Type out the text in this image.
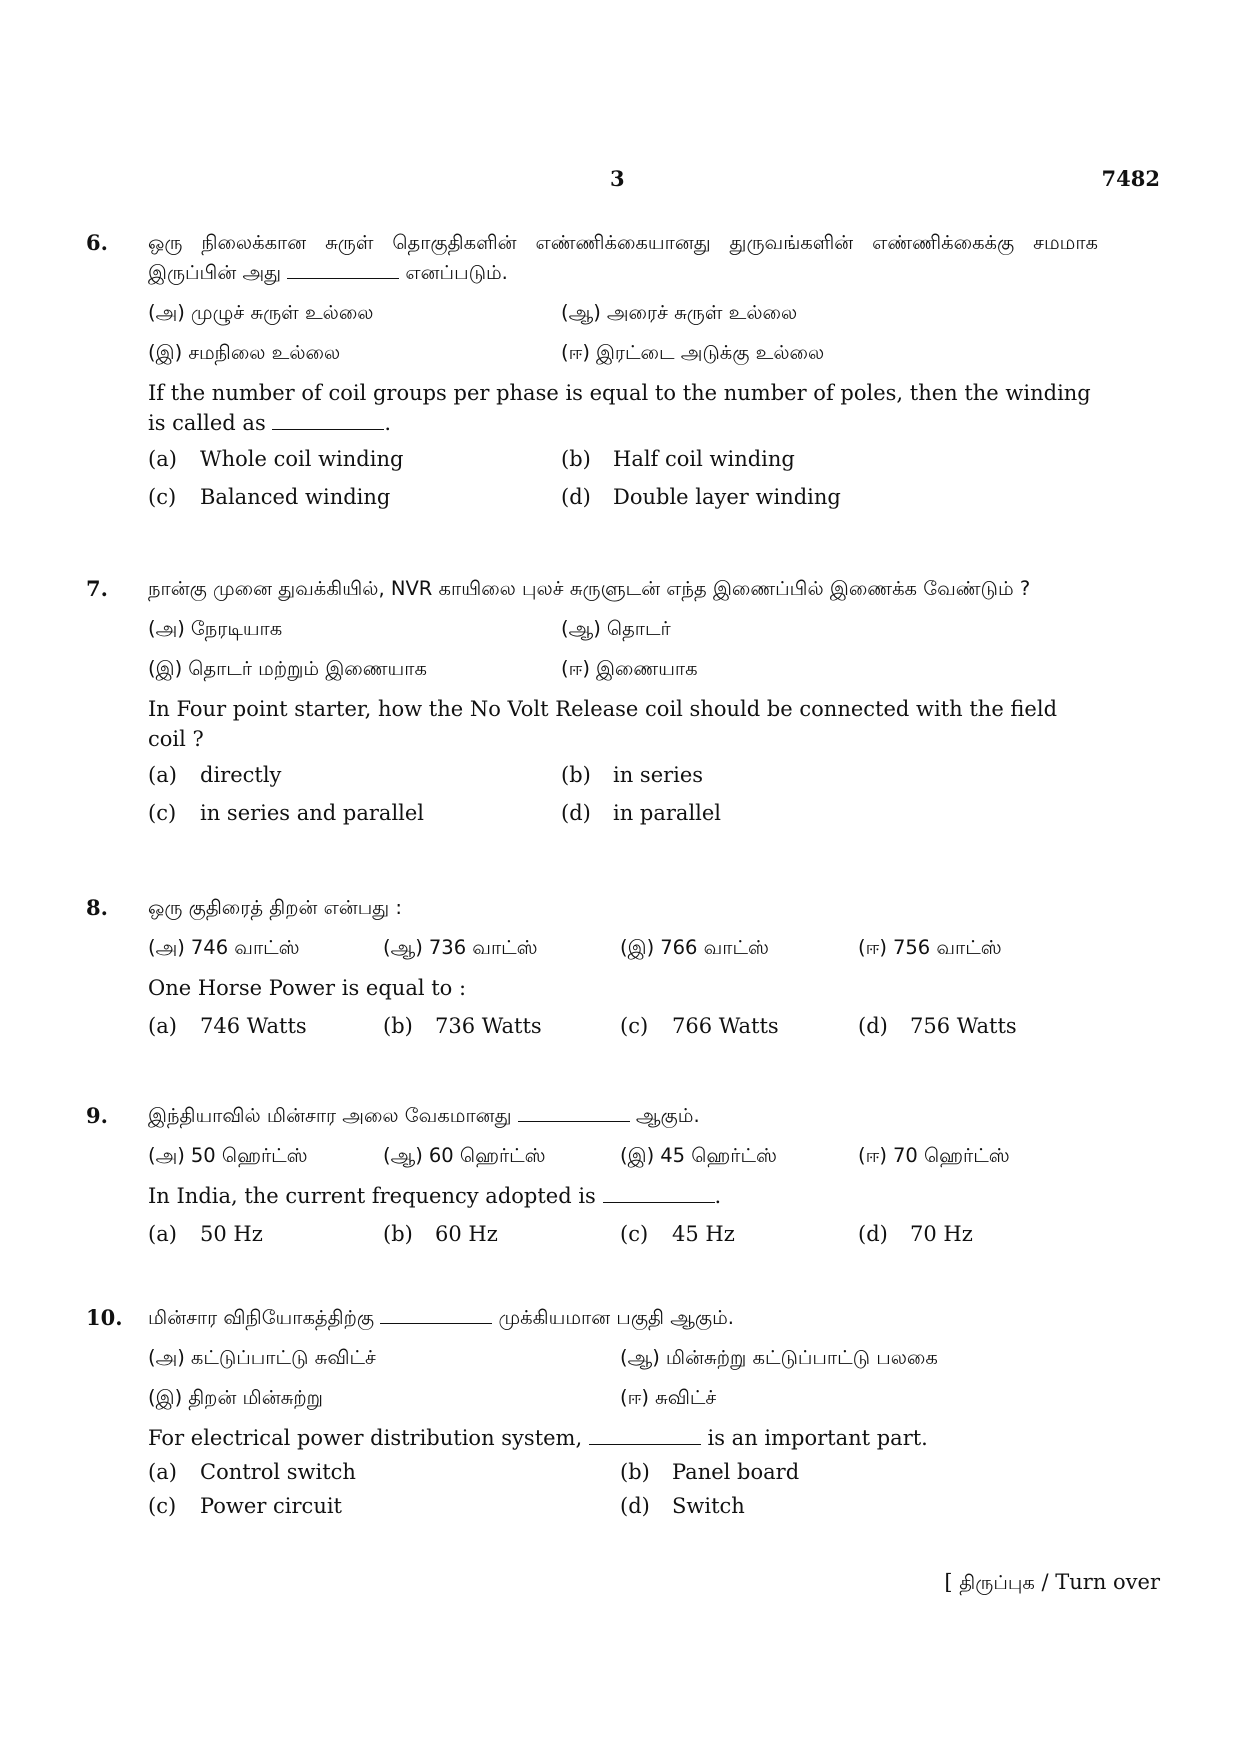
3	7482
6.	ஒரு நிலைக்கான சுருள் தொகுதிகளின் எண்ணிக்கையானது துருவங்களின் எண்ணிக்கைக்கு சமமாக இருப்பின் அது	எனப்படும்.

(அ) முழுச் சுருள் உல்லை	(ஆ) அரைச் சுருள் உல்லை
(இ) சமநிலை உல்லை	(ஈ) இரட்டை அடுக்கு உல்லை

If the number of coil groups per phase is equal to the number of poles, then the winding is called as	.

(a) Whole coil winding	(b) Half coil winding
(c) Balanced winding	(d) Double layer winding
7.	நான்கு முனை துவக்கியில், NVR காயிலை புலச் சுருளுடன் எந்த இணைப்பில் இணைக்க வேண்டும் ?

(அ) நேரடியாக	(ஆ) தொடர்
(இ) தொடர் மற்றும் இணையாக	(ஈ) இணையாக

In Four point starter, how the No Volt Release coil should be connected with the field coil ?

(a) directly	(b) in series
(c) in series and parallel	(d) in parallel
8.	ஒரு குதிரைத் திறன் என்பது :

(அ) 746 வாட்ஸ்	(ஆ) 736 வாட்ஸ்	(இ) 766 வாட்ஸ்	(ஈ) 756 வாட்ஸ்

One Horse Power is equal to :

(a) 746 Watts	(b) 736 Watts	(c) 766 Watts	(d) 756 Watts
9.	இந்தியாவில் மின்சார அலை வேகமானது	ஆகும்.

(அ) 50 ஹெர்ட்ஸ்	(ஆ) 60 ஹெர்ட்ஸ்	(இ) 45 ஹெர்ட்ஸ்	(ஈ) 70 ஹெர்ட்ஸ்

In India, the current frequency adopted is	.

(a) 50 Hz	(b) 60 Hz	(c) 45 Hz	(d) 70 Hz
10.	மின்சார விநியோகத்திற்கு	முக்கியமான பகுதி ஆகும்.

(அ) கட்டுப்பாட்டு சுவிட்ச்	(ஆ) மின்சுற்று கட்டுப்பாட்டு பலகை
(இ) திறன் மின்சுற்று	(ஈ) சுவிட்ச்

For electrical power distribution system,	is an important part.

(a) Control switch	(b) Panel board
(c) Power circuit	(d) Switch
[ திருப்புக / Turn over
